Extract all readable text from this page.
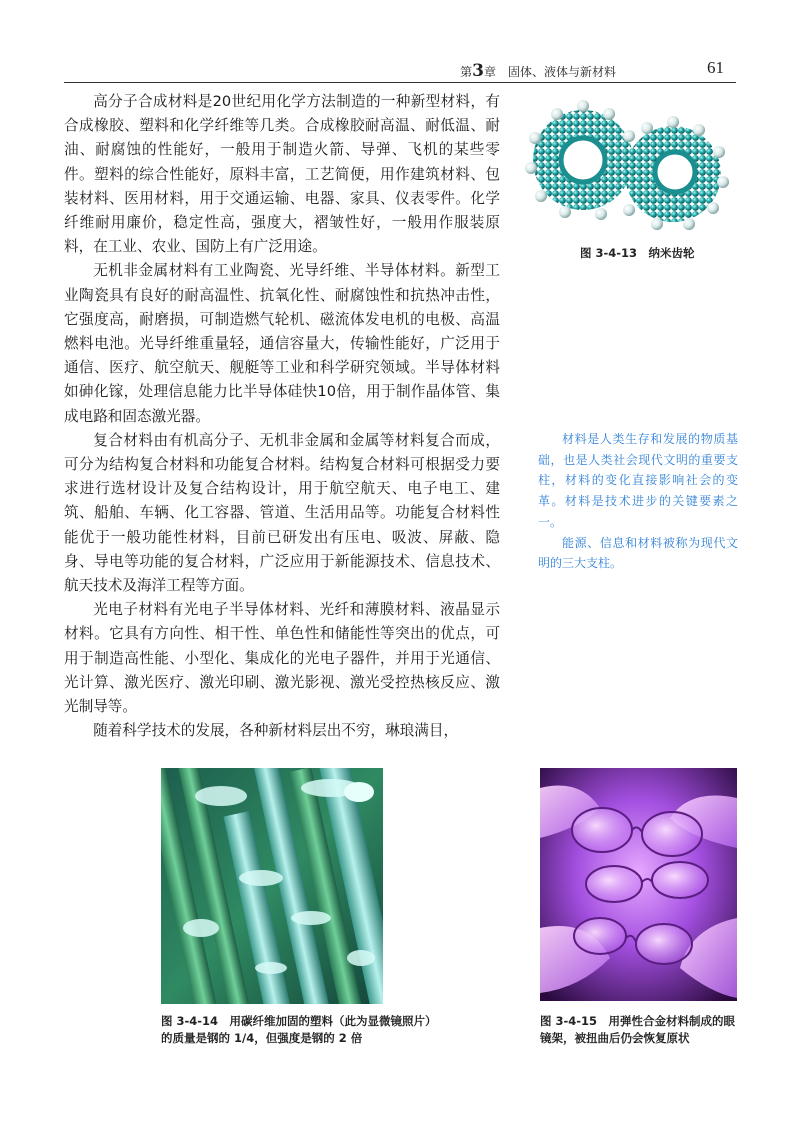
第3章　 固体、液体与新材料	61

高分子合成材料是20世纪用化学方法制造的一种新型材料，有合成橡胶、塑料和化学纤维等几类。合成橡胶耐高温、耐低温、耐油、耐腐蚀的性能好，一般用于制造火箭、导弹、飞机的某些零件。塑料的综合性能好，原料丰富，工艺简便，用作建筑材料、包装材料、医用材料，用于交通运输、电器、家具、仪表零件。化学纤维耐用廉价，稳定性高，强度大，褶皱性好，一般用作服装原料，在工业、农业、国防上有广泛用途。

无机非金属材料有工业陶瓷、光导纤维、半导体材料。新型工业陶瓷具有良好的耐高温性、抗氧化性、耐腐蚀性和抗热冲击性，它强度高，耐磨损，可制造燃气轮机、磁流体发电机的电极、高温燃料电池。光导纤维重量轻，通信容量大，传输性能好，广泛用于通信、医疗、航空航天、舰艇等工业和科学研究领域。半导体材料如砷化镓，处理信息能力比半导体硅快10倍，用于制作晶体管、集成电路和固态激光器。

复合材料由有机高分子、无机非金属和金属等材料复合而成，可分为结构复合材料和功能复合材料。结构复合材料可根据受力要求进行选材设计及复合结构设计，用于航空航天、电子电工、建筑、船舶、车辆、化工容器、管道、生活用品等。功能复合材料性能优于一般功能性材料，目前已研发出有压电、吸波、屏蔽、隐身、导电等功能的复合材料，广泛应用于新能源技术、信息技术、航天技术及海洋工程等方面。

光电子材料有光电子半导体材料、光纤和薄膜材料、液晶显示材料。它具有方向性、相干性、单色性和储能性等突出的优点，可用于制造高性能、小型化、集成化的光电子器件，并用于光通信、光计算、激光医疗、激光印刷、激光影视、激光受控热核反应、激光制导等。

随着科学技术的发展，各种新材料层出不穷，琳琅满目，

图 3-4-13　纳米齿轮

材料是人类生存和发展的物质基础，也是人类社会现代文明的重要支柱，材料的变化直接影响社会的变革。材料是技术进步的关键要素之一。

能源、信息和材料被称为现代文明的三大支柱。

图 3-4-14　用碳纤维加固的塑料（此为显微镜照片）的质量是钢的 1/4，但强度是钢的 2 倍
图 3-4-15　用弹性合金材料制成的眼镜架，被扭曲后仍会恢复原状
